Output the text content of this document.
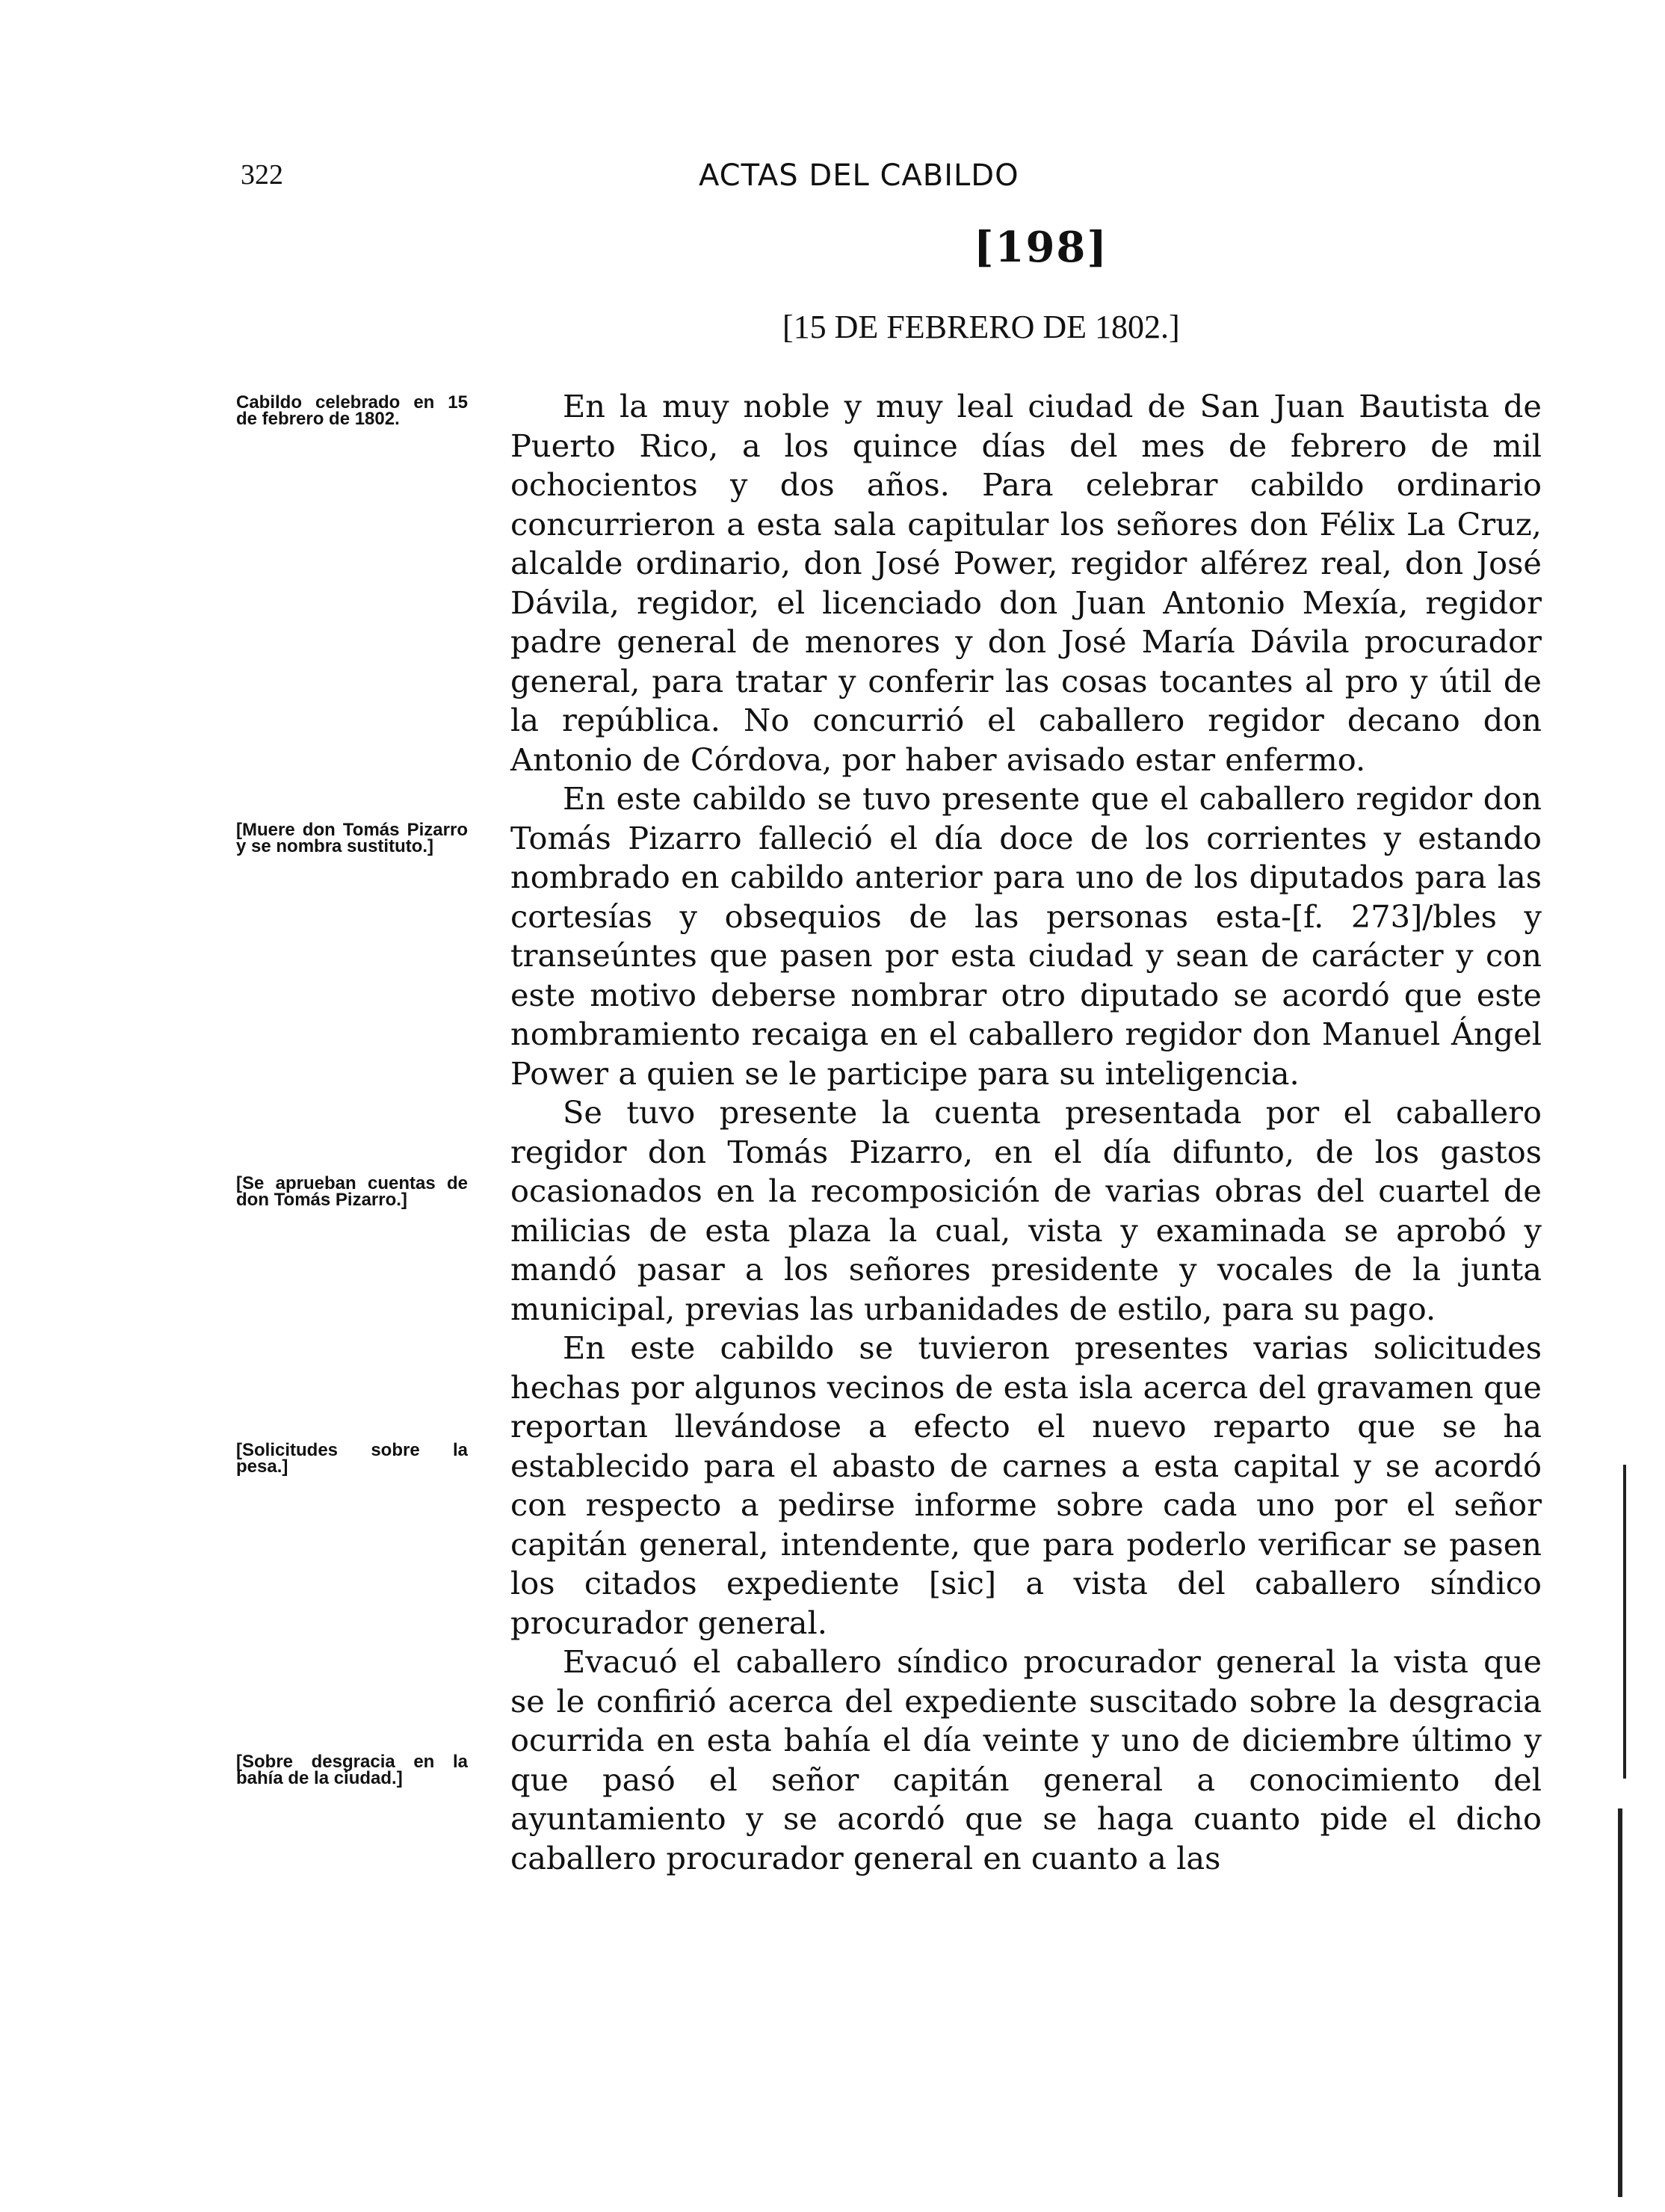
322	ACTAS DEL CABILDO
[198]
[15 DE FEBRERO DE 1802.]
Cabildo celebrado en 15 de febrero de 1802.
[Muere don Tomás Pizarro y se nombra sustituto.]
[Se aprueban cuentas de don Tomás Pizarro.]
[Solicitudes sobre la pesa.]
[Sobre desgracia en la bahía de la ciudad.]

En la muy noble y muy leal ciudad de San Juan Bautista de Puerto Rico, a los quince días del mes de febrero de mil ochocientos y dos años. Para celebrar cabildo ordinario concurrieron a esta sala capitular los señores don Félix La Cruz, alcalde ordinario, don José Power, regidor alférez real, don José Dávila, regidor, el licenciado don Juan Antonio Mexía, regidor padre general de menores y don José María Dávila procurador general, para tratar y conferir las cosas tocantes al pro y útil de la república. No concurrió el caballero regidor decano don Antonio de Córdova, por haber avisado estar enfermo.

En este cabildo se tuvo presente que el caballero regidor don Tomás Pizarro falleció el día doce de los corrientes y estando nombrado en cabildo anterior para uno de los diputados para las cortesías y obsequios de las personas esta-[f. 273]/bles y transeúntes que pasen por esta ciudad y sean de carácter y con este motivo deberse nombrar otro diputado se acordó que este nombramiento recaiga en el caballero regidor don Manuel Ángel Power a quien se le participe para su inteligencia.

Se tuvo presente la cuenta presentada por el caballero regidor don Tomás Pizarro, en el día difunto, de los gastos ocasionados en la recomposición de varias obras del cuartel de milicias de esta plaza la cual, vista y examinada se aprobó y mandó pasar a los señores presidente y vocales de la junta municipal, previas las urbanidades de estilo, para su pago.

En este cabildo se tuvieron presentes varias solicitudes hechas por algunos vecinos de esta isla acerca del gravamen que reportan llevándose a efecto el nuevo reparto que se ha establecido para el abasto de carnes a esta capital y se acordó con respecto a pedirse informe sobre cada uno por el señor capitán general, intendente, que para poderlo verificar se pasen los citados expediente [sic] a vista del caballero síndico procurador general.

Evacuó el caballero síndico procurador general la vista que se le confirió acerca del expediente suscitado sobre la desgracia ocurrida en esta bahía el día veinte y uno de diciembre último y que pasó el señor capitán general a conocimiento del ayuntamiento y se acordó que se haga cuanto pide el dicho caballero procurador general en cuanto a las
